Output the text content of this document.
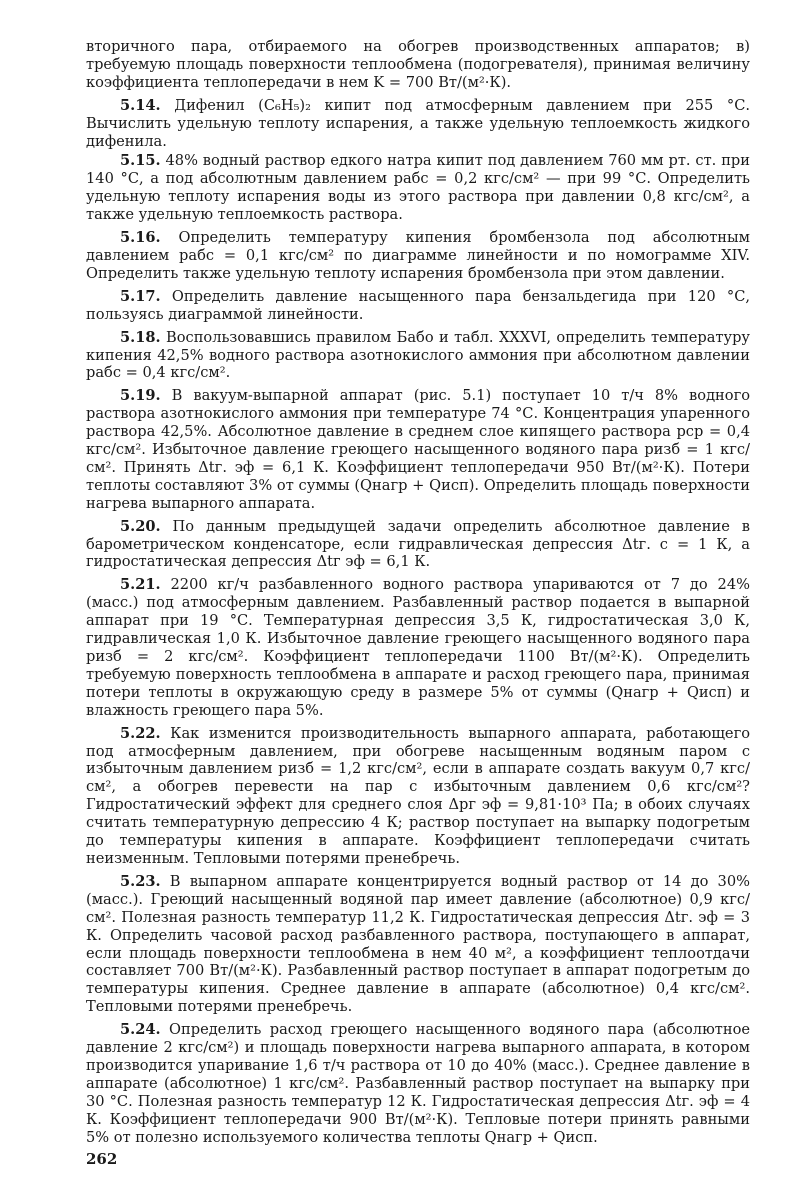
вторичного пара, отбираемого на обогрев производственных аппаратов; в) требуемую площадь поверхности теплообмена (подогревателя), принимая величину коэффициента теплопередачи в нем K = 700 Вт/(м²·К).

5.14. Дифенил (C₆H₅)₂ кипит под атмосферным давлением при 255 °С. Вычислить удельную теплоту испарения, а также удельную теплоемкость жидкого дифенила.

5.15. 48% водный раствор едкого натра кипит под давлением 760 мм рт. ст. при 140 °С, а под абсолютным давлением pабс = 0,2 кгс/см² — при 99 °С. Определить удельную теплоту испарения воды из этого раствора при давлении 0,8 кгс/см², а также удельную теплоемкость раствора.

5.16. Определить температуру кипения бромбензола под абсолютным давлением pабс = 0,1 кгс/см² по диаграмме линейности и по номограмме XIV. Определить также удельную теплоту испарения бромбензола при этом давлении.

5.17. Определить давление насыщенного пара бензальдегида при 120 °С, пользуясь диаграммой линейности.

5.18. Воспользовавшись правилом Бабо и табл. XXXVI, определить температуру кипения 42,5% водного раствора азотнокислого аммония при абсолютном давлении pабс = 0,4 кгс/см².

5.19. В вакуум-выпарной аппарат (рис. 5.1) поступает 10 т/ч 8% водного раствора азотнокислого аммония при температуре 74 °С. Концентрация упаренного раствора 42,5%. Абсолютное давление в среднем слое кипящего раствора pср = 0,4 кгс/см². Избыточное давление греющего насыщенного водяного пара pизб = 1 кгс/см². Принять Δtг. эф = 6,1 К. Коэффициент теплопередачи 950 Вт/(м²·К). Потери теплоты составляют 3% от суммы (Qнагр + Qисп). Определить площадь поверхности нагрева выпарного аппарата.

5.20. По данным предыдущей задачи определить абсолютное давление в барометрическом конденсаторе, если гидравлическая депрессия Δtг. с = 1 К, а гидростатическая депрессия Δtг эф = 6,1 К.

5.21. 2200 кг/ч разбавленного водного раствора упариваются от 7 до 24% (масс.) под атмосферным давлением. Разбавленный раствор подается в выпарной аппарат при 19 °С. Температурная депрессия 3,5 К, гидростатическая 3,0 К, гидравлическая 1,0 К. Избыточное давление греющего насыщенного водяного пара pизб = 2 кгс/см². Коэффициент теплопередачи 1100 Вт/(м²·К). Определить требуемую поверхность теплообмена в аппарате и расход греющего пара, принимая потери теплоты в окружающую среду в размере 5% от суммы (Qнагр + Qисп) и влажность греющего пара 5%.

5.22. Как изменится производительность выпарного аппарата, работающего под атмосферным давлением, при обогреве насыщенным водяным паром с избыточным давлением pизб = 1,2 кгс/см², если в аппарате создать вакуум 0,7 кгс/см², а обогрев перевести на пар с избыточным давлением 0,6 кгс/см²? Гидростатический эффект для среднего слоя Δpг эф = 9,81·10³ Па; в обоих случаях считать температурную депрессию 4 К; раствор поступает на выпарку подогретым до температуры кипения в аппарате. Коэффициент теплопередачи считать неизменным. Тепловыми потерями пренебречь.

5.23. В выпарном аппарате концентрируется водный раствор от 14 до 30% (масс.). Греющий насыщенный водяной пар имеет давление (абсолютное) 0,9 кгс/см². Полезная разность температур 11,2 К. Гидростатическая депрессия Δtг. эф = 3 К. Определить часовой расход разбавленного раствора, поступающего в аппарат, если площадь поверхности теплообмена в нем 40 м², а коэффициент теплоотдачи составляет 700 Вт/(м²·К). Разбавленный раствор поступает в аппарат подогретым до температуры кипения. Среднее давление в аппарате (абсолютное) 0,4 кгс/см². Тепловыми потерями пренебречь.

5.24. Определить расход греющего насыщенного водяного пара (абсолютное давление 2 кгс/см²) и площадь поверхности нагрева выпарного аппарата, в котором производится упаривание 1,6 т/ч раствора от 10 до 40% (масс.). Среднее давление в аппарате (абсолютное) 1 кгс/см². Разбавленный раствор поступает на выпарку при 30 °С. Полезная разность температур 12 К. Гидростатическая депрессия Δtг. эф = 4 К. Коэффициент теплопередачи 900 Вт/(м²·К). Тепловые потери принять равными 5% от полезно используемого количества теплоты Qнагр + Qисп.

262
